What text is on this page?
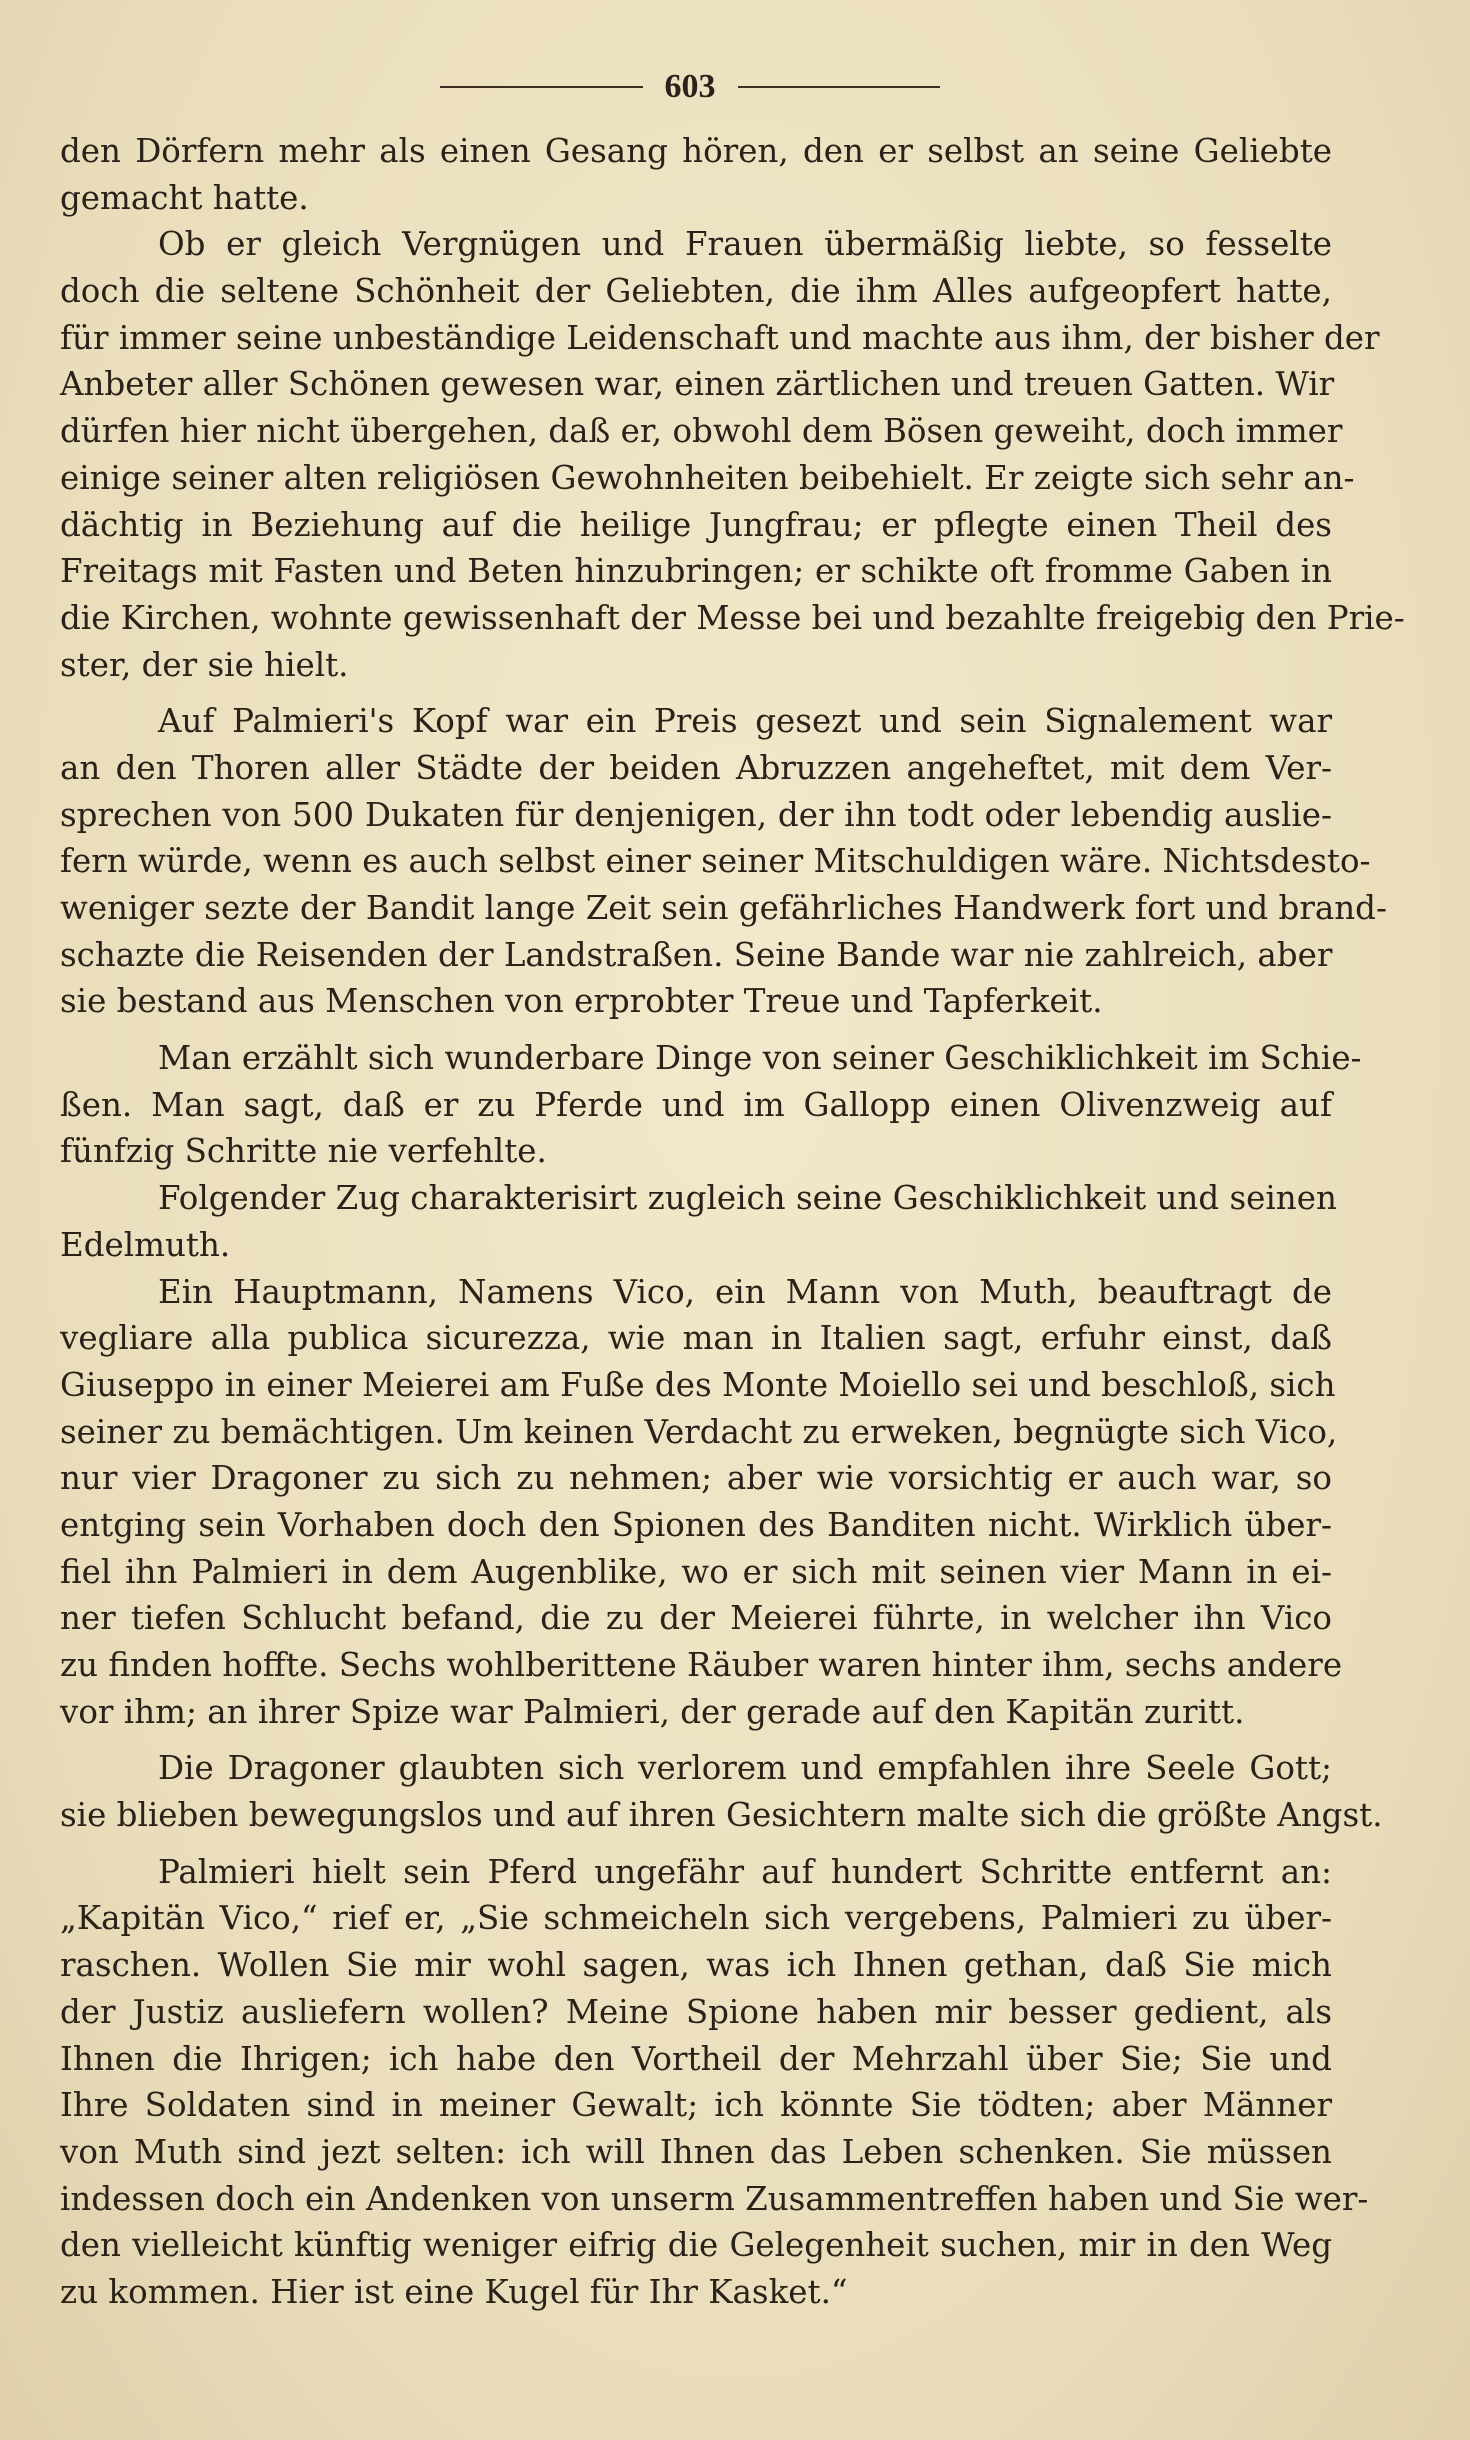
603
den Dörfern mehr als einen Gesang hören, den er selbst an seine Geliebte
gemacht hatte.
Ob er gleich Vergnügen und Frauen übermäßig liebte, so fesselte
doch die seltene Schönheit der Geliebten, die ihm Alles aufgeopfert hatte,
für immer seine unbeständige Leidenschaft und machte aus ihm, der bisher der
Anbeter aller Schönen gewesen war, einen zärtlichen und treuen Gatten. Wir
dürfen hier nicht übergehen, daß er, obwohl dem Bösen geweiht, doch immer
einige seiner alten religiösen Gewohnheiten beibehielt. Er zeigte sich sehr an-
dächtig in Beziehung auf die heilige Jungfrau; er pflegte einen Theil des
Freitags mit Fasten und Beten hinzubringen; er schikte oft fromme Gaben in
die Kirchen, wohnte gewissenhaft der Messe bei und bezahlte freigebig den Prie-
ster, der sie hielt.
Auf Palmieri's Kopf war ein Preis gesezt und sein Signalement war
an den Thoren aller Städte der beiden Abruzzen angeheftet, mit dem Ver-
sprechen von 500 Dukaten für denjenigen, der ihn todt oder lebendig auslie-
fern würde, wenn es auch selbst einer seiner Mitschuldigen wäre. Nichtsdesto-
weniger sezte der Bandit lange Zeit sein gefährliches Handwerk fort und brand-
schazte die Reisenden der Landstraßen. Seine Bande war nie zahlreich, aber
sie bestand aus Menschen von erprobter Treue und Tapferkeit.
Man erzählt sich wunderbare Dinge von seiner Geschiklichkeit im Schie-
ßen. Man sagt, daß er zu Pferde und im Gallopp einen Olivenzweig auf
fünfzig Schritte nie verfehlte.
Folgender Zug charakterisirt zugleich seine Geschiklichkeit und seinen
Edelmuth.
Ein Hauptmann, Namens Vico, ein Mann von Muth, beauftragt de
vegliare alla publica sicurezza, wie man in Italien sagt, erfuhr einst, daß
Giuseppo in einer Meierei am Fuße des Monte Moiello sei und beschloß, sich
seiner zu bemächtigen. Um keinen Verdacht zu erweken, begnügte sich Vico,
nur vier Dragoner zu sich zu nehmen; aber wie vorsichtig er auch war, so
entging sein Vorhaben doch den Spionen des Banditen nicht. Wirklich über-
fiel ihn Palmieri in dem Augenblike, wo er sich mit seinen vier Mann in ei-
ner tiefen Schlucht befand, die zu der Meierei führte, in welcher ihn Vico
zu finden hoffte. Sechs wohlberittene Räuber waren hinter ihm, sechs andere
vor ihm; an ihrer Spize war Palmieri, der gerade auf den Kapitän zuritt.
Die Dragoner glaubten sich verlorem und empfahlen ihre Seele Gott;
sie blieben bewegungslos und auf ihren Gesichtern malte sich die größte Angst.
Palmieri hielt sein Pferd ungefähr auf hundert Schritte entfernt an:
„Kapitän Vico,“ rief er, „Sie schmeicheln sich vergebens, Palmieri zu über-
raschen. Wollen Sie mir wohl sagen, was ich Ihnen gethan, daß Sie mich
der Justiz ausliefern wollen? Meine Spione haben mir besser gedient, als
Ihnen die Ihrigen; ich habe den Vortheil der Mehrzahl über Sie; Sie und
Ihre Soldaten sind in meiner Gewalt; ich könnte Sie tödten; aber Männer
von Muth sind jezt selten: ich will Ihnen das Leben schenken. Sie müssen
indessen doch ein Andenken von unserm Zusammentreffen haben und Sie wer-
den vielleicht künftig weniger eifrig die Gelegenheit suchen, mir in den Weg
zu kommen. Hier ist eine Kugel für Ihr Kasket.“
